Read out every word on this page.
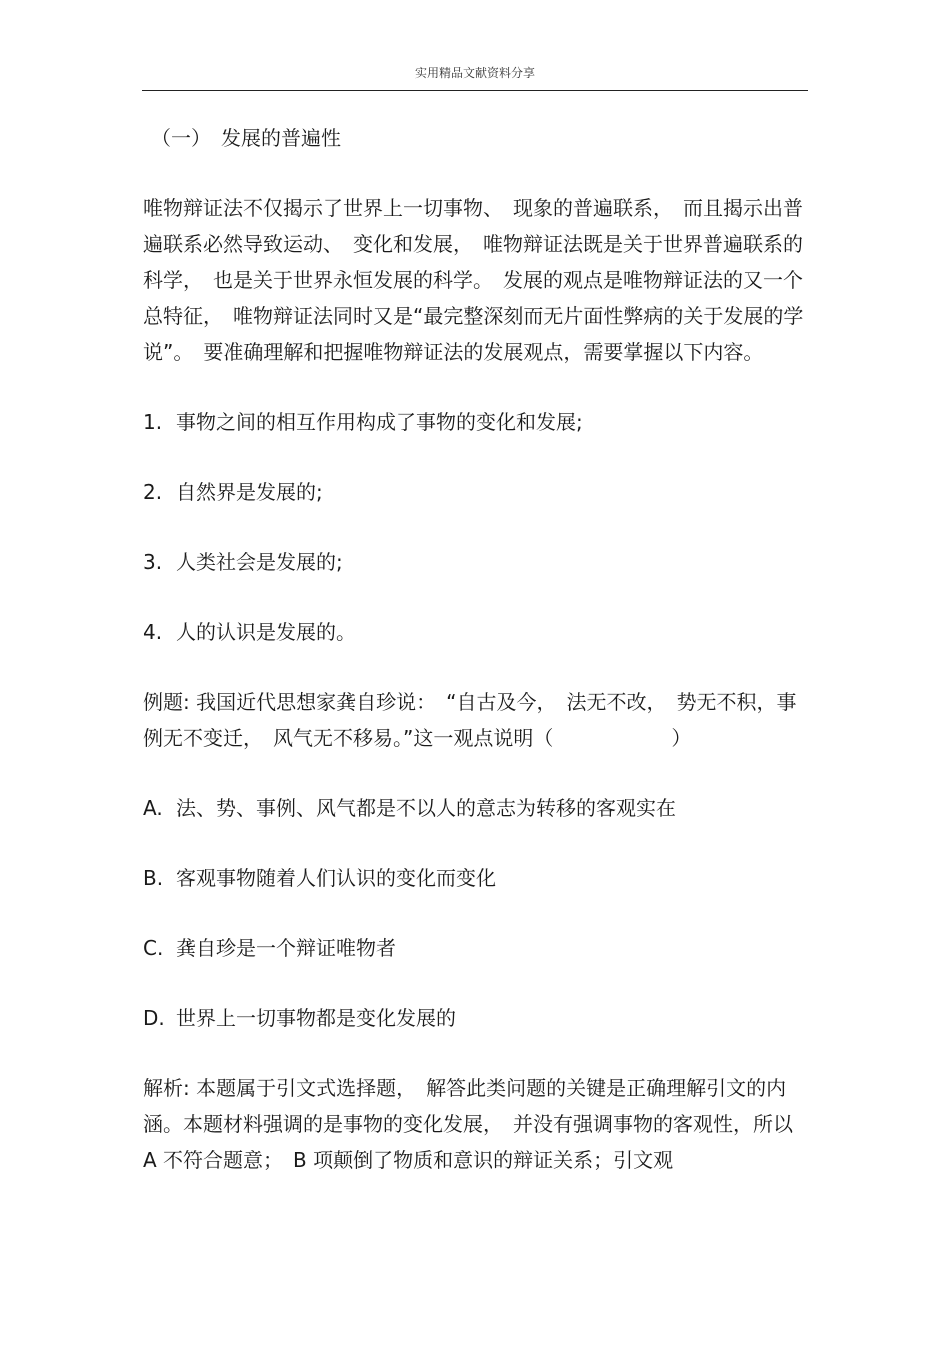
实用精品文献资料分享
（一）　发展的普遍性

唯物辩证法不仅揭示了世界上一切事物、　现象的普遍联系，　而且揭示出普遍联系必然导致运动、　变化和发展，　唯物辩证法既是关于世界普遍联系的科学，　也是关于世界永恒发展的科学。　发展的观点是唯物辩证法的又一个总特征，　唯物辩证法同时又是“最完整深刻而无片面性弊病的关于发展的学说”。　要准确理解和把握唯物辩证法的发展观点，需要掌握以下内容。

1. 事物之间的相互作用构成了事物的变化和发展;
2. 自然界是发展的;
3. 人类社会是发展的;
4. 人的认识是发展的。

例题: 我国近代思想家龚自珍说：　“自古及今，　法无不改，　势无不积，事例无不变迁，　风气无不移易。”这一观点说明（	）

A. 法、势、事例、风气都是不以人的意志为转移的客观实在
B. 客观事物随着人们认识的变化而变化
C. 龚自珍是一个辩证唯物者
D. 世界上一切事物都是变化发展的

解析: 本题属于引文式选择题，　解答此类问题的关键是正确理解引文的内涵。本题材料强调的是事物的变化发展，　并没有强调事物的客观性，所以　A 不符合题意；　B 项颠倒了物质和意识的辩证关系；引文观
